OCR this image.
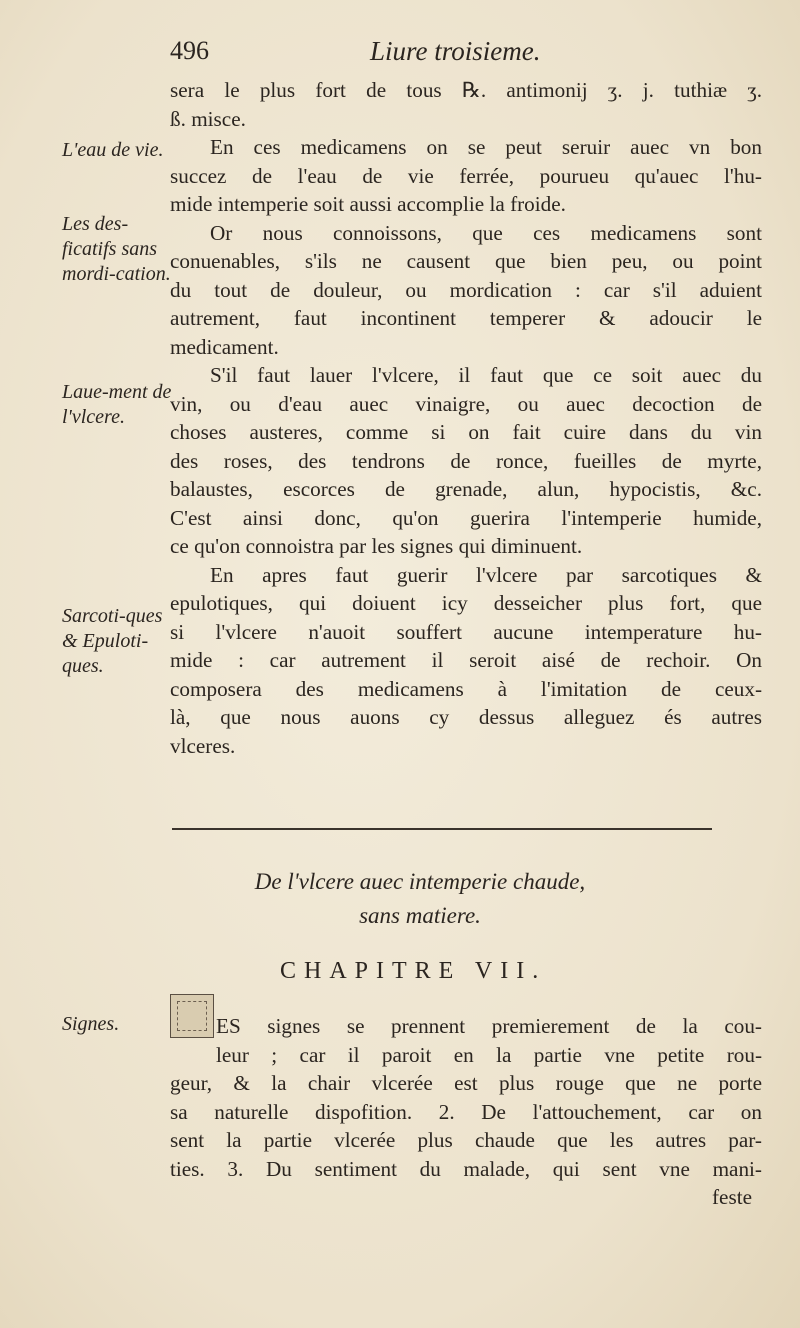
496	Liure troisieme.
L'eau de vie.
Les des-ficatifs sans mordi-cation.
Laue-ment de l'vlcere.
Sarcoti-ques & Epuloti-ques.
Signes.
sera le plus fort de tous ℞. antimonij ʒ. j. tuthiæ ʒ.
ß. misce.
En ces medicamens on se peut seruir auec vn bon
succez de l'eau de vie ferrée, pourueu qu'auec l'hu-
mide intemperie soit aussi accomplie la froide.
Or nous connoissons, que ces medicamens sont
conuenables, s'ils ne causent que bien peu, ou point
du tout de douleur, ou mordication : car s'il aduient
autrement, faut incontinent temperer & adoucir le
medicament.
S'il faut lauer l'vlcere, il faut que ce soit auec du
vin, ou d'eau auec vinaigre, ou auec decoction de
choses austeres, comme si on fait cuire dans du vin
des roses, des tendrons de ronce, fueilles de myrte,
balaustes, escorces de grenade, alun, hypocistis, &c.
C'est ainsi donc, qu'on guerira l'intemperie humide,
ce qu'on connoistra par les signes qui diminuent.
En apres faut guerir l'vlcere par sarcotiques &
epulotiques, qui doiuent icy desseicher plus fort, que
si l'vlcere n'auoit souffert aucune intemperature hu-
mide : car autrement il seroit aisé de rechoir. On
composera des medicamens à l'imitation de ceux-
là, que nous auons cy dessus alleguez és autres
vlceres.
De l'vlcere auec intemperie chaude,
sans matiere.
CHAPITRE VII.
ES signes se prennent premierement de la cou-
leur ; car il paroit en la partie vne petite rou-
geur, & la chair vlcerée est plus rouge que ne porte
sa naturelle dispofition. 2. De l'attouchement, car on
sent la partie vlcerée plus chaude que les autres par-
ties. 3. Du sentiment du malade, qui sent vne mani-
feste
